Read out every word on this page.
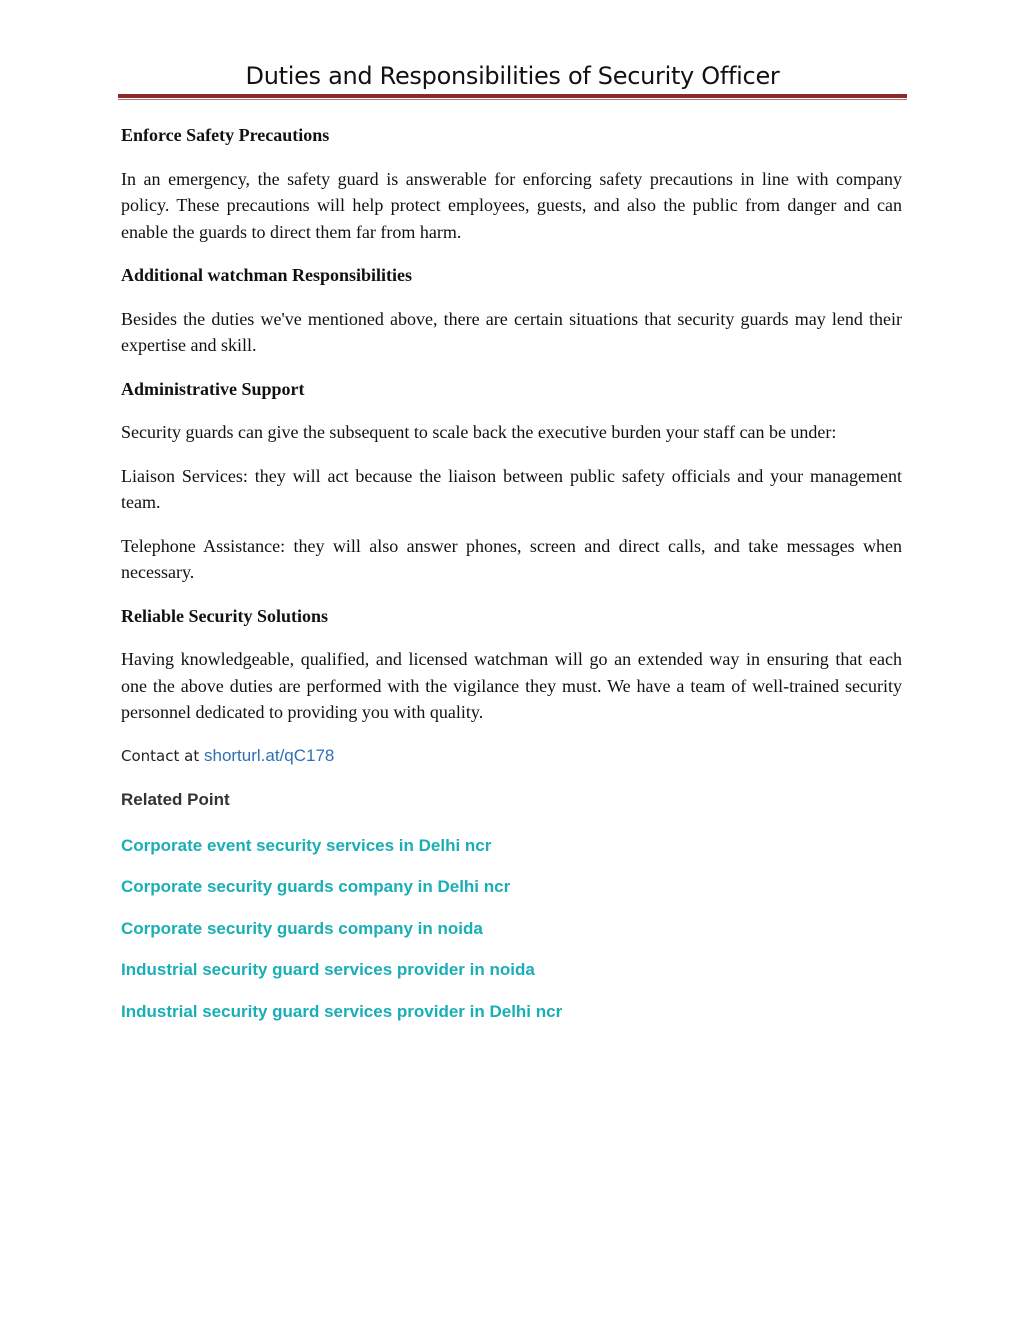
Duties and Responsibilities of Security Officer

Enforce Safety Precautions

In an emergency, the safety guard is answerable for enforcing safety precautions in line with company policy. These precautions will help protect employees, guests, and also the public from danger and can enable the guards to direct them far from harm.

Additional watchman Responsibilities

Besides the duties we've mentioned above, there are certain situations that security guards may lend their expertise and skill.

Administrative Support

Security guards can give the subsequent to scale back the executive burden your staff can be under:

Liaison Services: they will act because the liaison between public safety officials and your management team.

Telephone Assistance: they will also answer phones, screen and direct calls, and take messages when necessary.

Reliable Security Solutions

Having knowledgeable, qualified, and licensed watchman will go an extended way in ensuring that each one the above duties are performed with the vigilance they must. We have a team of well-trained security personnel dedicated to providing you with quality.

Contact at shorturl.at/qC178

Related Point

Corporate event security services in Delhi ncr
Corporate security guards company in Delhi ncr
Corporate security guards company in noida
Industrial security guard services provider in noida
Industrial security guard services provider in Delhi ncr
